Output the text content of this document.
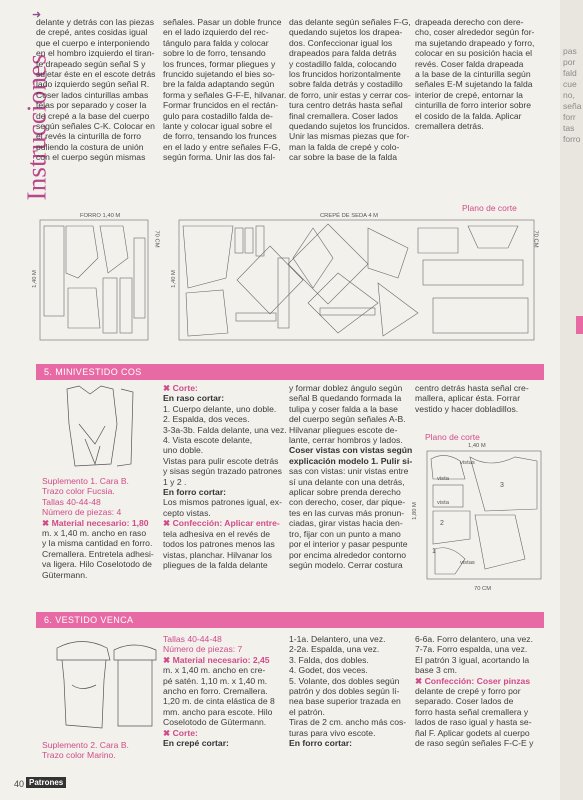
Instrucciones
➜
delante y detrás con las piezas
de crepé, antes cosidas igual
que el cuerpo e interponiendo
en el hombro izquierdo el tiran-
te drapeado según señal S y
sujetar éste en el escote detrás
lado izquierdo según señal R.
Coser lados cinturillas ambas
telas por separado y coser la
de crepé a la base del cuerpo
según señales C-K. Colocar en
el revés la cinturilla de forro
puliendo la costura de unión
con el cuerpo según mismas
señales. Pasar un doble frunce
en el lado izquierdo del rec-
tángulo para falda y colocar
sobre lo de forro, tensando
los frunces, formar pliegues y
fruncido sujetando el bies so-
bre la falda adaptando según
forma y señales G-F-E, hilvanar.
Formar fruncidos en el rectán-
gulo para costadillo falda de-
lante y colocar igual sobre el
de forro, tensando los frunces
en el lado y entre señales F-G,
según forma. Unir las dos fal-
das delante según señales F-G,
quedando sujetos los drapea-
dos. Confeccionar igual los
drapeados para falda detrás
y costadillo falda, colocando
los fruncidos horizontalmente
sobre falda detrás y costadillo
de forro, unir estas y cerrar cos-
tura centro detrás hasta señal
final cremallera. Coser lados
quedando sujetos los fruncidos.
Unir las mismas piezas que for-
man la falda de crepé y colo-
car sobre la base de la falda
drapeada derecho con dere-
cho, coser alrededor según for-
ma sujetando drapeado y forro,
colocar en su posición hacia el
revés. Coser falda drapeada
a la base de la cinturilla según
señales E-M sujetando la falda
interior de crepé, entornar la
cinturilla de forro interior sobre
el cosido de la falda. Aplicar
cremallera detrás.
pas
por
fald
cue
no,
seña
forr
tas
forro
Plano de corte
FORRO 1,40 M	CREPÉ DE SEDA 4 M
70 CM
1,40 M	1,40 M
70 CM
5. MINIVESTIDO COS
Suplemento 1. Cara B.
Trazo color Fucsia.
Tallas 40-44-48
Número de piezas: 4
✖ Material necesario: 1,80
m. x 1,40 m. ancho en raso
y la misma cantidad en forro.
Cremallera. Entretela adhesi-
va ligera. Hilo Coselotodo de
Gütermann.
✖ Corte:
En raso cortar:
1. Cuerpo delante, uno doble.
2. Espalda, dos veces.
3-3a-3b. Falda delante, una vez.
4. Vista escote delante,
uno doble.
Vistas para pulir escote detrás
y sisas según trazado patrones
1 y 2 .
En forro cortar:
Los mismos patrones igual, ex-
cepto vistas.
✖ Confección: Aplicar entre-
tela adhesiva en el revés de
todos los patrones menos las
vistas, planchar. Hilvanar los
pliegues de la falda delante
y formar doblez ángulo según
señal B quedando formada la
tulipa y coser falda a la base
del cuerpo según señales A-B.
Hilvanar pliegues escote de-
lante, cerrar hombros y lados.
Coser vistas con vistas según
explicación modelo 1. Pulir si-
sas con vistas: unir vistas entre
sí una delante con una detrás,
aplicar sobre prenda derecho
con derecho, coser, dar pique-
tes en las curvas más pronun-
ciadas, girar vistas hacia den-
tro, fijar con un punto a mano
por el interior y pasar pespunte
por encima alrededor contorno
según modelo. Cerrar costura
centro detrás hasta señal cre-
mallera, aplicar ésta. Forrar
vestido y hacer dobladillos.
Plano de corte
1,40 M
vistas
vista
vista
vistas
3
2
1
1,80 M
70 CM
6. VESTIDO VENCA
Suplemento 2. Cara B.
Trazo color Marino.
Tallas 40-44-48
Número de piezas: 7
✖ Material necesario: 2,45
m. x 1,40 m. ancho en cre-
pé satén. 1,10 m. x 1,40 m.
ancho en forro. Cremallera.
1,20 m. de cinta elástica de 8
mm. ancho para escote. Hilo
Coselotodo de Gütermann.
✖ Corte:
En crepé cortar:
1-1a. Delantero, una vez.
2-2a. Espalda, una vez.
3. Falda, dos dobles.
4. Godet, dos veces.
5. Volante, dos dobles según
patrón y dos dobles según lí-
nea base superior trazada en
el patrón.
Tiras de 2 cm. ancho más cos-
turas para vivo escote.
En forro cortar:
6-6a. Forro delantero, una vez.
7-7a. Forro espalda, una vez.
El patrón 3 igual, acortando la
base 3 cm.
✖ Confección: Coser pinzas
delante de crepé y forro por
separado. Coser lados de
forro hasta señal cremallera y
lados de raso igual y hasta se-
ñal F. Aplicar godets al cuerpo
de raso según señales F-C-E y
40 Patrones
